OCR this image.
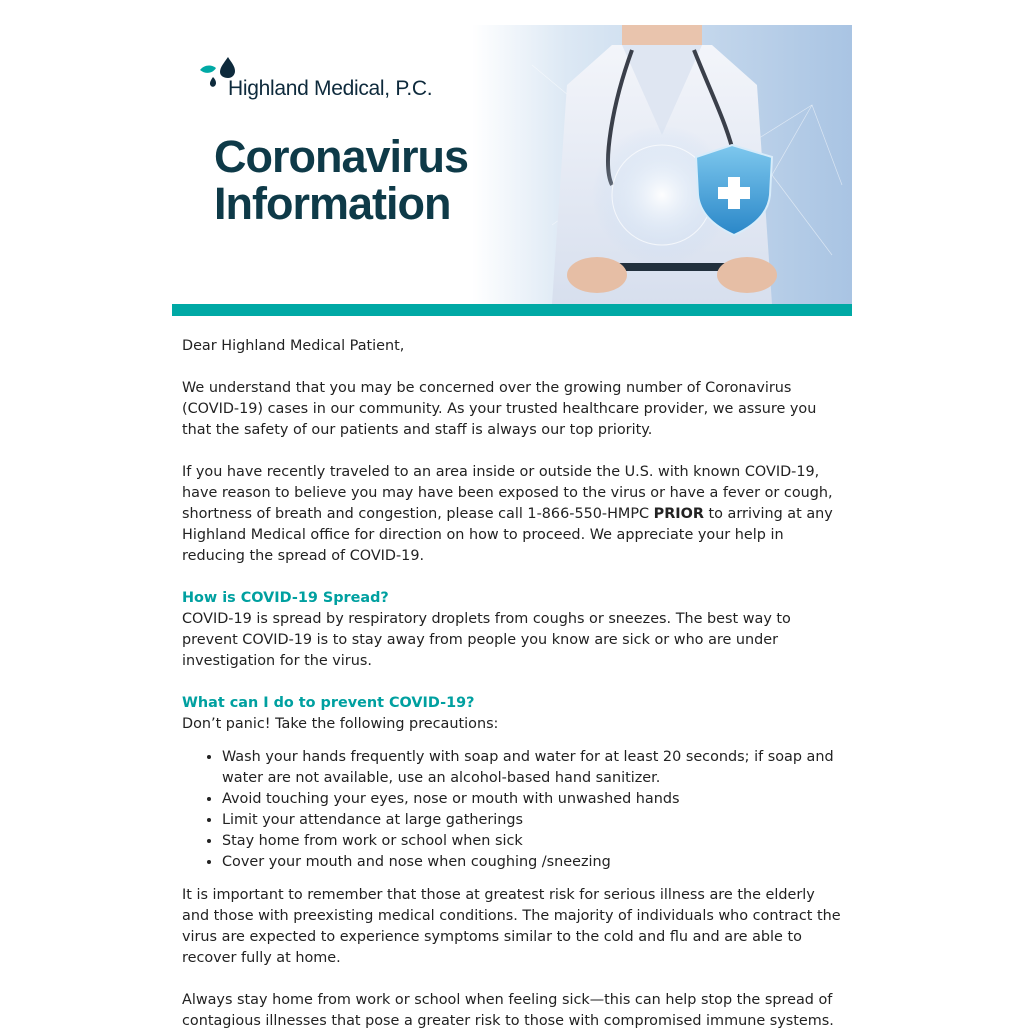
Highland Medical, P.C.
Coronavirus
Information

Dear Highland Medical Patient,

We understand that you may be concerned over the growing number of Coronavirus (COVID-19) cases in our community. As your trusted healthcare provider, we assure you that the safety of our patients and staff is always our top priority.

If you have recently traveled to an area inside or outside the U.S. with known COVID-19, have reason to believe you may have been exposed to the virus or have a fever or cough, shortness of breath and congestion, please call 1-866-550-HMPC PRIOR to arriving at any Highland Medical office for direction on how to proceed. We appreciate your help in reducing the spread of COVID-19.

How is COVID-19 Spread?

COVID-19 is spread by respiratory droplets from coughs or sneezes. The best way to prevent COVID-19 is to stay away from people you know are sick or who are under investigation for the virus.

What can I do to prevent COVID-19?

Don’t panic! Take the following precautions:

• Wash your hands frequently with soap and water for at least 20 seconds; if soap and water are not available, use an alcohol-based hand sanitizer.
• Avoid touching your eyes, nose or mouth with unwashed hands
• Limit your attendance at large gatherings
• Stay home from work or school when sick
• Cover your mouth and nose when coughing /sneezing

It is important to remember that those at greatest risk for serious illness are the elderly and those with preexisting medical conditions. The majority of individuals who contract the virus are expected to experience symptoms similar to the cold and flu and are able to recover fully at home.

Always stay home from work or school when feeling sick—this can help stop the spread of contagious illnesses that pose a greater risk to those with compromised immune systems.
